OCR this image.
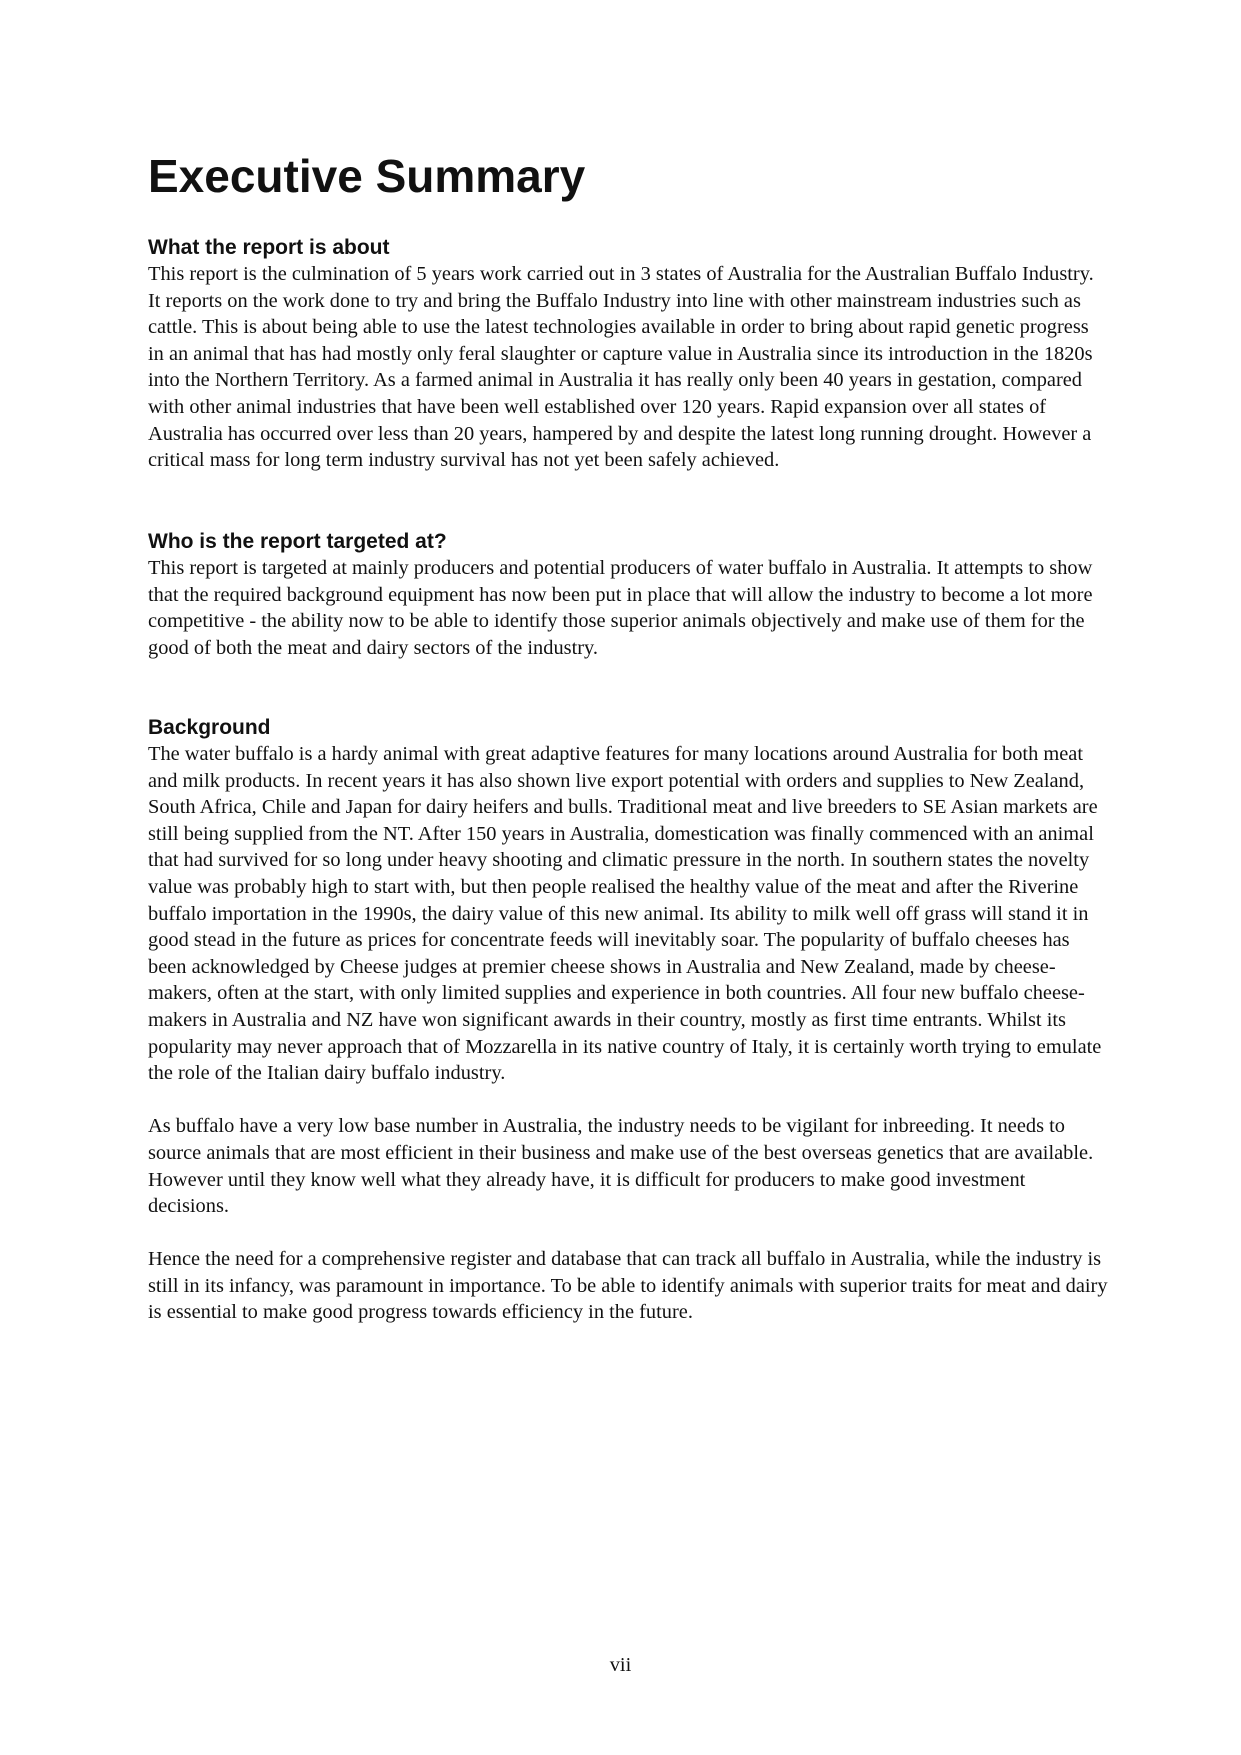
Executive Summary
What the report is about

This report is the culmination of 5 years work carried out in 3 states of Australia for the Australian Buffalo Industry. It reports on the work done to try and bring the Buffalo Industry into line with other mainstream industries such as cattle. This is about being able to use the latest technologies available in order to bring about rapid genetic progress in an animal that has had mostly only feral slaughter or capture value in Australia since its introduction in the 1820s into the Northern Territory. As a farmed animal in Australia it has really only been 40 years in gestation, compared with other animal industries that have been well established over 120 years. Rapid expansion over all states of Australia has occurred over less than 20 years, hampered by and despite the latest long running drought. However a critical mass for long term industry survival has not yet been safely achieved.

Who is the report targeted at?

This report is targeted at mainly producers and potential producers of water buffalo in Australia. It attempts to show that the required background equipment has now been put in place that will allow the industry to become a lot more competitive - the ability now to be able to identify those superior animals objectively and make use of them for the good of both the meat and dairy sectors of the industry.

Background

The water buffalo is a hardy animal with great adaptive features for many locations around Australia for both meat and milk products. In recent years it has also shown live export potential with orders and supplies to New Zealand, South Africa, Chile and Japan for dairy heifers and bulls. Traditional meat and live breeders to SE Asian markets are still being supplied from the NT. After 150 years in Australia, domestication was finally commenced with an animal that had survived for so long under heavy shooting and climatic pressure in the north. In southern states the novelty value was probably high to start with, but then people realised the healthy value of the meat and after the Riverine buffalo importation in the 1990s, the dairy value of this new animal. Its ability to milk well off grass will stand it in good stead in the future as prices for concentrate feeds will inevitably soar. The popularity of buffalo cheeses has been acknowledged by Cheese judges at premier cheese shows in Australia and New Zealand, made by cheese-makers, often at the start, with only limited supplies and experience in both countries. All four new buffalo cheese-makers in Australia and NZ have won significant awards in their country, mostly as first time entrants. Whilst its popularity may never approach that of Mozzarella in its native country of Italy, it is certainly worth trying to emulate the role of the Italian dairy buffalo industry.

As buffalo have a very low base number in Australia, the industry needs to be vigilant for inbreeding. It needs to source animals that are most efficient in their business and make use of the best overseas genetics that are available. However until they know well what they already have, it is difficult for producers to make good investment decisions.

Hence the need for a comprehensive register and database that can track all buffalo in Australia, while the industry is still in its infancy, was paramount in importance. To be able to identify animals with superior traits for meat and dairy is essential to make good progress towards efficiency in the future.

vii
